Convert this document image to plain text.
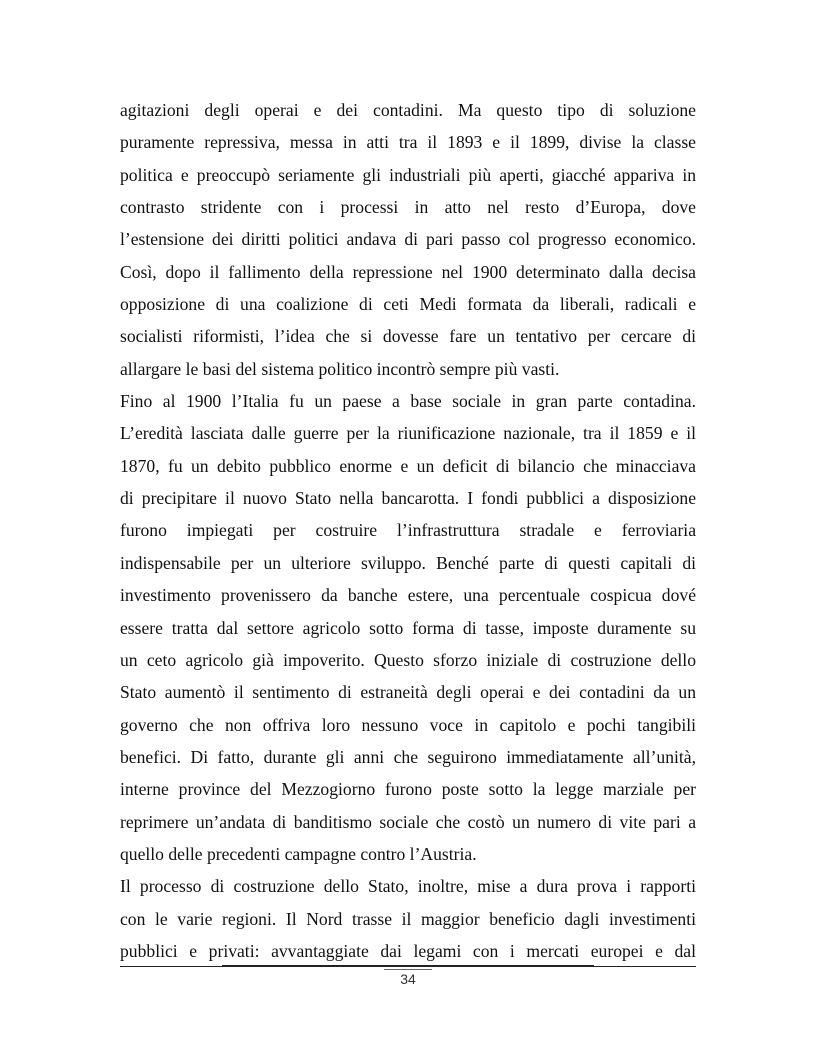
agitazioni degli operai e dei contadini. Ma questo tipo di soluzione
puramente repressiva, messa in atti tra il 1893 e il 1899, divise la classe
politica e preoccupò seriamente gli industriali più aperti, giacché appariva in
contrasto stridente con i processi in atto nel resto d’Europa, dove
l’estensione dei diritti politici andava di pari passo col progresso economico.
Così, dopo il fallimento della repressione nel 1900 determinato dalla decisa
opposizione di una coalizione di ceti Medi formata da liberali, radicali e
socialisti riformisti, l’idea che si dovesse fare un tentativo per cercare di
allargare le basi del sistema politico incontrò sempre più vasti.
Fino al 1900 l’Italia fu un paese a base sociale in gran parte contadina.
L’eredità lasciata dalle guerre per la riunificazione nazionale, tra il 1859 e il
1870, fu un debito pubblico enorme e un deficit di bilancio che minacciava
di precipitare il nuovo Stato nella bancarotta. I fondi pubblici a disposizione
furono impiegati per costruire l’infrastruttura stradale e ferroviaria
indispensabile per un ulteriore sviluppo. Benché parte di questi capitali di
investimento provenissero da banche estere, una percentuale cospicua dové
essere tratta dal settore agricolo sotto forma di tasse, imposte duramente su
un ceto agricolo già impoverito. Questo sforzo iniziale di costruzione dello
Stato aumentò il sentimento di estraneità degli operai e dei contadini da un
governo che non offriva loro nessuno voce in capitolo e pochi tangibili
benefici. Di fatto, durante gli anni che seguirono immediatamente all’unità,
interne province del Mezzogiorno furono poste sotto la legge marziale per
reprimere un’andata di banditismo sociale che costò un numero di vite pari a
quello delle precedenti campagne contro l’Austria.
Il processo di costruzione dello Stato, inoltre, mise a dura prova i rapporti
con le varie regioni. Il Nord trasse il maggior beneficio dagli investimenti
pubblici e privati: avvantaggiate dai legami con i mercati europei e dal
34
